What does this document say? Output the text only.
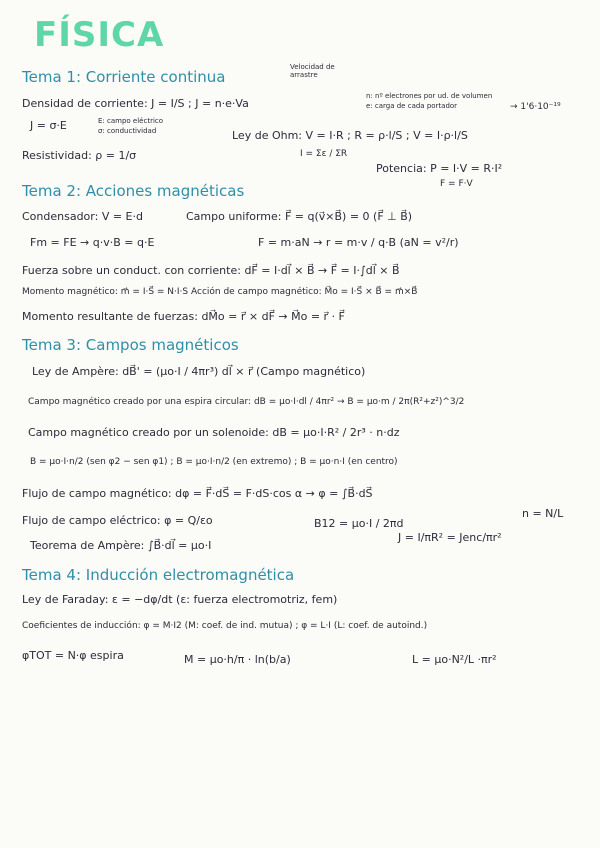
FÍSICA
Tema 1: Corriente continua
Velocidad de arrastre
Densidad de corriente: J = I/S ; J = n·e·Va
n: nº electrones por ud. de volumen
e: carga de cada portador	→ 1'6·10⁻¹⁹
J = σ·E	E: campo eléctrico
σ: conductividad	Ley de Ohm: V = I·R ; R = ρ·l/S ; V = I·ρ·l/S
Resistividad: ρ = 1/σ	I = Σε / ΣR
Potencia: P = I·V = R·I²
F = F·V
Tema 2: Acciones magnéticas
Condensador: V = E·d	Campo uniforme: F⃗ = q(v⃗×B⃗) = 0 (F⃗ ⊥ B⃗)
Fm = FE → q·v·B = q·E	F = m·aN → r = m·v / q·B (aN = v²/r)
Fuerza sobre un conduct. con corriente: dF⃗ = I·dl⃗ × B⃗ → F⃗ = I·∫dl⃗ × B⃗
Momento magnético: m⃗ = I·S⃗ = N·I·S Acción de campo magnético: M⃗o = I·S⃗ × B⃗ = m⃗×B⃗
Momento resultante de fuerzas: dM⃗o = r⃗ × dF⃗ → M⃗o = r⃗ · F⃗
Tema 3: Campos magnéticos
Ley de Ampère: dB⃗' = (μo·I / 4πr³) dl⃗ × r⃗ (Campo magnético)
Campo magnético creado por una espira circular: dB = μo·I·dl / 4πr² → B = μo·m / 2π(R²+z²)^3/2
Campo magnético creado por un solenoide: dB = μo·I·R² / 2r³ · n·dz
B = μo·I·n/2 (sen φ2 − sen φ1) ; B = μo·I·n/2 (en extremo) ; B = μo·n·I (en centro)
Flujo de campo magnético: dφ = F⃗·dS⃗ = F·dS·cos α → φ = ∫B⃗·dS⃗
n = N/L
Flujo de campo eléctrico: φ = Q/εo	B12 = μo·I / 2πd
J = I/πR² = Jenc/πr²
Teorema de Ampère: ∫B⃗·dl⃗ = μo·I
Tema 4: Inducción electromagnética
Ley de Faraday: ε = −dφ/dt (ε: fuerza electromotriz, fem)
Coeficientes de inducción: φ = M·I2 (M: coef. de ind. mutua) ; φ = L·I (L: coef. de autoind.)
φTOT = N·φ espira	M = μo·h/π · ln(b/a)	L = μo·N²/L ·πr²
